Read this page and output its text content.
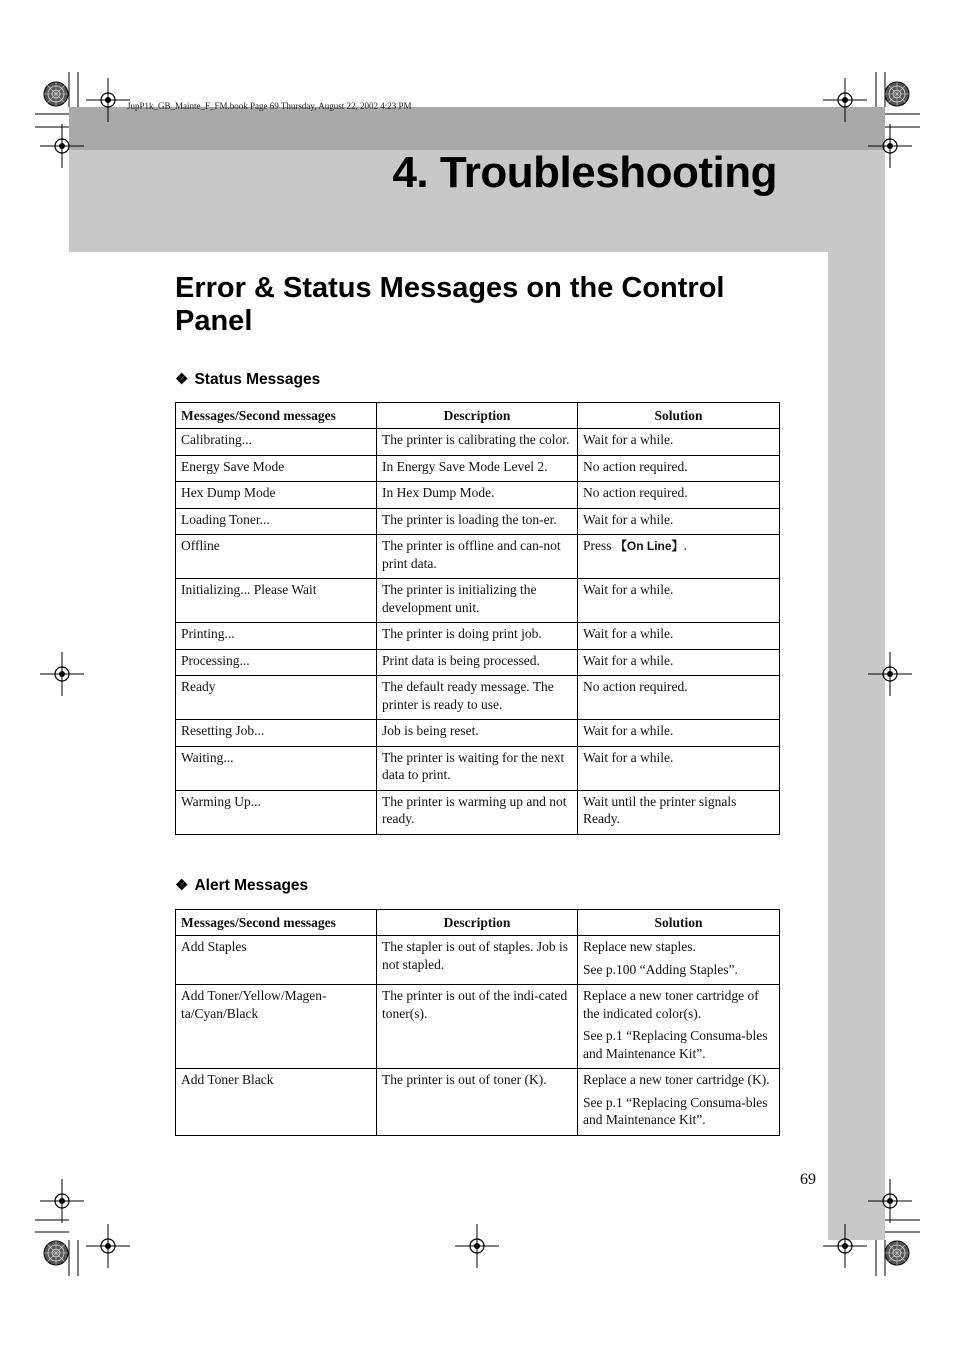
JupP1k_GB_Mainte_F_FM.book Page 69 Thursday, August 22, 2002 4:23 PM
4. Troubleshooting
Error & Status Messages on the Control Panel
❖ Status Messages
Messages/Second messages	Description	Solution
Calibrating...	The printer is calibrating the color.	Wait for a while.
Energy Save Mode	In Energy Save Mode Level 2.	No action required.
Hex Dump Mode	In Hex Dump Mode.	No action required.
Loading Toner...	The printer is loading the ton-er.	Wait for a while.
Offline	The printer is offline and can-not print data.	Press 【On Line】.
Initializing... Please Wait	The printer is initializing the development unit.	Wait for a while.
Printing...	The printer is doing print job.	Wait for a while.
Processing...	Print data is being processed.	Wait for a while.
Ready	The default ready message. The printer is ready to use.	No action required.
Resetting Job...	Job is being reset.	Wait for a while.
Waiting...	The printer is waiting for the next data to print.	Wait for a while.
Warming Up...	The printer is warming up and not ready.	Wait until the printer signals Ready.
❖ Alert Messages
Messages/Second messages	Description	Solution
Add Staples	The stapler is out of staples. Job is not stapled.	Replace new staples.
See p.100 “Adding Staples”.

Add Toner/Yellow/Magen-ta/Cyan/Black	The printer is out of the indi-cated toner(s).	Replace a new toner cartridge of the indicated color(s).
See p.1 “Replacing Consuma-bles and Maintenance Kit”.

Add Toner Black	The printer is out of toner (K).	Replace a new toner cartridge (K).
See p.1 “Replacing Consuma-bles and Maintenance Kit”.
69
